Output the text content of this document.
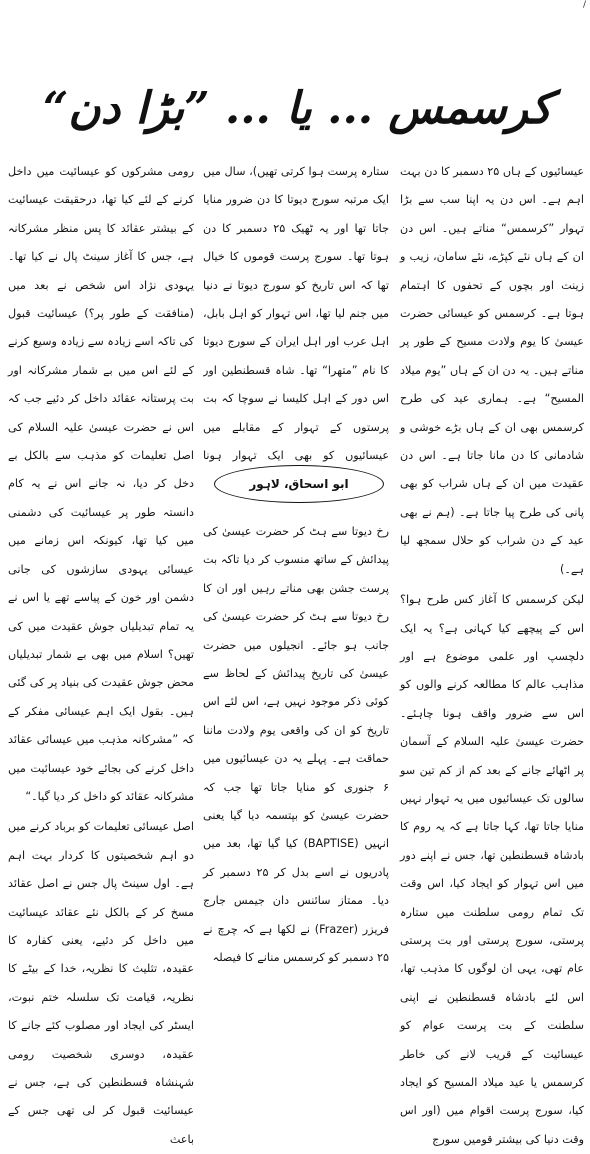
/
کرسمس ... یا ... ”بڑا دن“

عیسائیوں کے ہاں ۲۵ دسمبر کا دن بہت اہم ہے۔ اس دن یہ اپنا سب سے بڑا تہوار ”کرسمس“ مناتے ہیں۔ اس دن ان کے ہاں نئے کپڑے، نئے سامان، زیب و زینت اور بچوں کے تحفوں کا اہتمام ہوتا ہے۔ کرسمس کو عیسائی حضرت عیسیٰ کا یوم ولادت مسیح کے طور پر مناتے ہیں۔ یہ دن ان کے ہاں ”یوم میلاد المسیح“ ہے۔ ہماری عید کی طرح کرسمس بھی ان کے ہاں بڑے خوشی و شادمانی کا دن مانا جاتا ہے۔ اس دن عقیدت میں ان کے ہاں شراب کو بھی پانی کی طرح پیا جاتا ہے۔ (ہم نے بھی عید کے دن شراب کو حلال سمجھ لیا ہے۔)

لیکن کرسمس کا آغاز کس طرح ہوا؟ اس کے پیچھے کیا کہانی ہے؟ یہ ایک دلچسپ اور علمی موضوع ہے اور مذاہب عالم کا مطالعہ کرنے والوں کو اس سے ضرور واقف ہونا چاہئے۔ حضرت عیسیٰ علیہ السلام کے آسمان پر اٹھائے جانے کے بعد کم از کم تین سو سالوں تک عیسائیوں میں یہ تہوار نہیں منایا جاتا تھا، کہا جاتا ہے کہ یہ روم کا بادشاہ قسطنطین تھا، جس نے اپنے دور میں اس تہوار کو ایجاد کیا، اس وقت تک تمام رومی سلطنت میں ستارہ پرستی، سورج پرستی اور بت پرستی عام تھی، یہی ان لوگوں کا مذہب تھا، اس لئے بادشاہ قسطنطین نے اپنی سلطنت کے بت پرست عوام کو عیسائیت کے قریب لانے کی خاطر کرسمس یا عید میلاد المسیح کو ایجاد کیا، سورج پرست اقوام میں (اور اس وقت دنیا کی بیشتر قومیں سورج

ستارہ پرست ہوا کرتی تھیں)، سال میں ایک مرتبہ سورج دیوتا کا دن ضرور منایا جاتا تھا اور یہ ٹھیک ۲۵ دسمبر کا دن ہوتا تھا۔ سورج پرست قوموں کا خیال تھا کہ اس تاریخ کو سورج دیوتا نے دنیا میں جنم لیا تھا، اس تہوار کو اہل بابل، اہل عرب اور اہل ایران کے سورج دیوتا کا نام ”متھرا“ تھا۔ شاہ قسطنطین اور اس دور کے اہل کلیسا نے سوچا کہ بت پرستوں کے تہوار کے مقابلے میں عیسائیوں کو بھی ایک تہوار ہونا

رخ دیوتا سے ہٹ کر حضرت عیسیٰ کی پیدائش کے ساتھ منسوب کر دیا تاکہ بت پرست جشن بھی مناتے رہیں اور ان کا رخ دیوتا سے ہٹ کر حضرت عیسیٰ کی جانب ہو جائے۔ انجیلوں میں حضرت عیسیٰ کی تاریخ پیدائش کے لحاظ سے کوئی ذکر موجود نہیں ہے، اس لئے اس تاریخ کو ان کی واقعی یوم ولادت ماننا حماقت ہے۔ پہلے یہ دن عیسائیوں میں ۶ جنوری کو منایا جاتا تھا جب کہ حضرت عیسیٰ کو بپتسمہ دیا گیا یعنی انہیں (BAPTISE) کیا گیا تھا، بعد میں پادریوں نے اسے بدل کر ۲۵ دسمبر کر دیا۔ ممتاز سائنس دان جیمس جارج فریزر (Frazer) نے لکھا ہے کہ چرچ نے ۲۵ دسمبر کو کرسمس منانے کا فیصلہ

ابو اسحاق، لاہور

رومی مشرکوں کو عیسائیت میں داخل کرنے کے لئے کیا تھا، درحقیقت عیسائیت کے بیشتر عقائد کا پس منظر مشرکانہ ہے، جس کا آغاز سینٹ پال نے کیا تھا۔ یہودی نژاد اس شخص نے بعد میں (منافقت کے طور پر؟) عیسائیت قبول کی تاکہ اسے زیادہ سے زیادہ وسیع کرنے کے لئے اس میں بے شمار مشرکانہ اور بت پرستانہ عقائد داخل کر دئیے جب کہ اس نے حضرت عیسیٰ علیہ السلام کی اصل تعلیمات کو مذہب سے بالکل بے دخل کر دیا، نہ جانے اس نے یہ کام دانستہ طور پر عیسائیت کی دشمنی میں کیا تھا، کیونکہ اس زمانے میں عیسائی یہودی سازشوں کی جانی دشمن اور خون کے پیاسے تھے یا اس نے یہ تمام تبدیلیاں جوش عقیدت میں کی تھیں؟ اسلام میں بھی بے شمار تبدیلیاں محض جوش عقیدت کی بنیاد پر کی گئی ہیں۔ بقول ایک اہم عیسائی مفکر کے کہ ”مشرکانہ مذہب میں عیسائی عقائد داخل کرنے کی بجائے خود عیسائیت میں مشرکانہ عقائد کو داخل کر دیا گیا۔“

اصل عیسائی تعلیمات کو برباد کرنے میں دو اہم شخصیتوں کا کردار بہت اہم ہے۔ اول سینٹ پال جس نے اصل عقائد مسخ کر کے بالکل نئے عقائد عیسائیت میں داخل کر دئیے، یعنی کفارہ کا عقیدہ، تثلیث کا نظریہ، خدا کے بیٹے کا نظریہ، قیامت تک سلسلہ ختم نبوت، ایسٹر کی ایجاد اور مصلوب کئے جانے کا عقیدہ، دوسری شخصیت رومی شہنشاہ قسطنطین کی ہے، جس نے عیسائیت قبول کر لی تھی جس کے باعث
